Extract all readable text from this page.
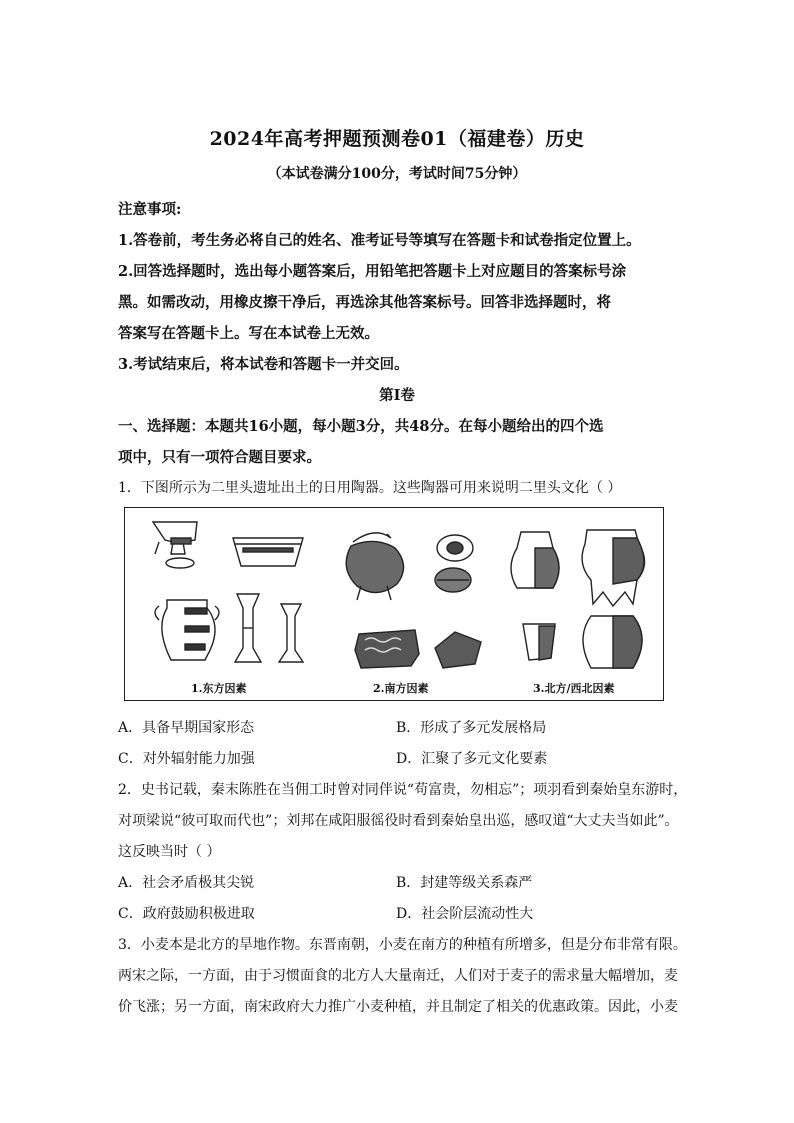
2024年高考押题预测卷01（福建卷）历史
（本试卷满分100分，考试时间75分钟）
注意事项:
1.答卷前，考生务必将自己的姓名、准考证号等填写在答题卡和试卷指定位置上。
2.回答选择题时，选出每小题答案后，用铅笔把答题卡上对应题目的答案标号涂
黑。如需改动，用橡皮擦干净后，再选涂其他答案标号。回答非选择题时，将
答案写在答题卡上。写在本试卷上无效。
3.考试结束后，将本试卷和答题卡一并交回。
第Ⅰ卷
一、选择题：本题共16小题，每小题3分，共48分。在每小题给出的四个选
项中，只有一项符合题目要求。
1．下图所示为二里头遗址出土的日用陶器。这些陶器可用来说明二里头文化（ ）
1.东方因素	2.南方因素	3.北方/西北因素
A．具备早期国家形态	B．形成了多元发展格局
C．对外辐射能力加强	D．汇聚了多元文化要素
2．史书记载，秦末陈胜在当佣工时曾对同伴说“苟富贵，勿相忘”；项羽看到秦始皇东游时，
对项梁说“彼可取而代也”；刘邦在咸阳服徭役时看到秦始皇出巡，感叹道“大丈夫当如此”。
这反映当时（ ）
A．社会矛盾极其尖锐	B．封建等级关系森严
C．政府鼓励积极进取	D．社会阶层流动性大
3．小麦本是北方的旱地作物。东晋南朝，小麦在南方的种植有所增多，但是分布非常有限。
两宋之际，一方面，由于习惯面食的北方人大量南迁，人们对于麦子的需求量大幅增加，麦
价飞涨；另一方面，南宋政府大力推广小麦种植，并且制定了相关的优惠政策。因此，小麦
